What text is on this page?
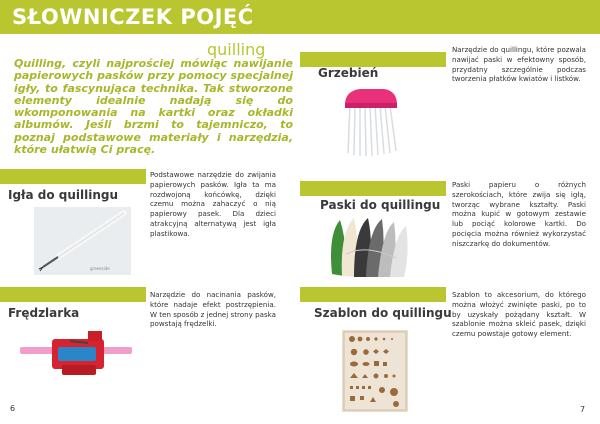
SŁOWNICZEK POJĘĆ
quilling
Quilling, czyli najprościej mówiąc nawijanie papierowych pasków przy pomocy specjalnej igły, to fascynująca technika. Tak stworzone elementy idealnie nadają się do wkomponowania na kartki oraz okładki albumów. Jeśli brzmi to tajemniczo, to poznaj podstawowe materiały i narzędzia, które ułatwią Ci pracę.
Igła do quillingu
Podstawowe narzędzie do zwijania papierowych pasków. Igła ta ma rozdwojoną końcówkę, dzięki czemu można zahaczyć o nią papierowy pasek. Dla dzieci atrakcyjną alternatywą jest igła plastikowa.
greenside
Frędzlarka
Narzędzie do nacinania pasków, które nadaje efekt postrzępienia. W ten sposób z jednej strony paska powstają frędzelki.
6
Grzebień
Narzędzie do quillingu, które pozwala nawijać paski w efektowny sposób, przydatny szczególnie podczas tworzenia płatków kwiatów i listków.
Paski do quillingu
Paski papieru o różnych szerokościach, które zwija się igłą, tworząc wybrane kształty. Paski można kupić w gotowym zestawie lub pociąć kolorowe kartki. Do pocięcia można również wykorzystać niszczarkę do dokumentów.
Szablon do quillingu
Szablon to akcesorium, do którego można włożyć zwinięte paski, po to by uzyskały pożądany kształt. W szablonie można skleić pasek, dzięki czemu powstaje gotowy element.
7
